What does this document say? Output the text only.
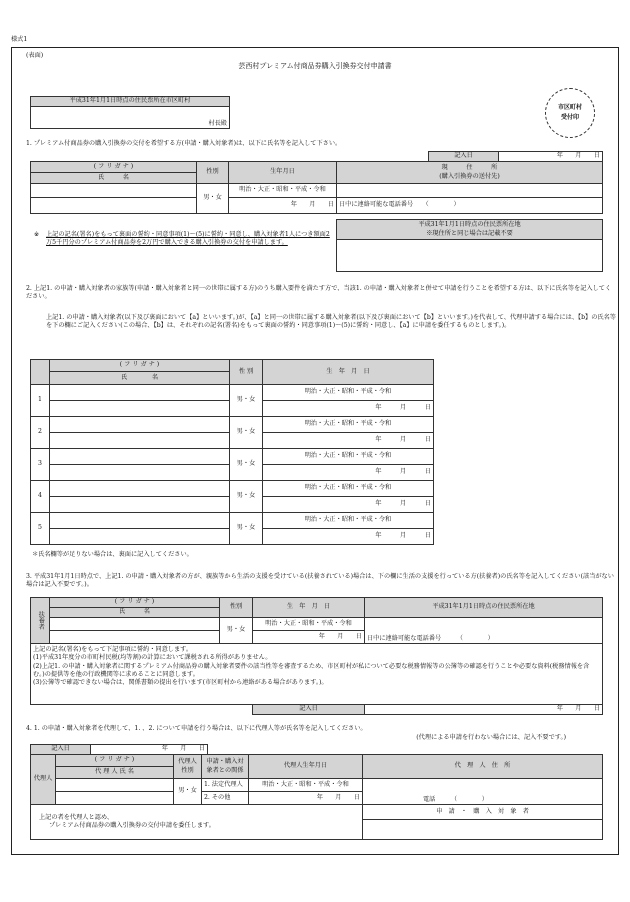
様式1
(表面)
芸西村プレミアム付商品券購入引換券交付申請書
平成31年1月1日時点の住民票所在市区町村
村長殿
市区町村
受付印
1. プレミアム付商品券の購入引換券の交付を希望する方(申請・購入対象者)は、以下に氏名等を記入して下さい。
記入日	年　　月　　日
( フ リ ガ ナ )	性別	生年月日	現　　　住　　　所
(購入引換券の送付先)

氏　　　名			
	男・女	明治・大正・昭和・平成・令和	
		年　　月　　日	日中に連絡可能な電話番号　　（　　　　）
平成31年1月1日時点の住民票所在地
※現住所と同じ場合は記載不要

※ 上記の記名(署名)をもって裏面の誓約・同意事項(1)～(5)に誓約・同意し、購入対象者1人につき額面2万5千円分のプレミアム付商品券を2万円で購入できる購入引換券の交付を申請します。
2. 上記1. の申請・購入対象者の家族等(申請・購入対象者と同一の世帯に属する方)のうち購入要件を満たす方で、当該1. の申請・購入対象者と併せて申請を行うことを希望する方は、以下に氏名等を記入してください。
上記1. の申請・購入対象者(以下及び裏面において【a】といいます。)が、【a】と同一の世帯に属する購入対象者(以下及び裏面において【b】といいます。)を代表して、代理申請する場合には、【b】の氏名等を下の欄にご記入ください(この場合、【b】は、それぞれの記名(署名)をもって裏面の誓約・同意事項(1)～(5)に誓約・同意し、【a】に申請を委任するものとします。)。
	( フ リ ガ ナ )	性 別	生　年　月　日
氏　　　　名
1		男・女	明治・大正・昭和・平成・令和
			年　　　月　　　日
2		男・女	明治・大正・昭和・平成・令和
			年　　　月　　　日
3		男・女	明治・大正・昭和・平成・令和
			年　　　月　　　日
4		男・女	明治・大正・昭和・平成・令和
			年　　　月　　　日
5		男・女	明治・大正・昭和・平成・令和
			年　　　月　　　日
＊氏名欄等が足りない場合は、裏面に記入してください。
3. 平成31年1月1日時点で、上記1. の申請・購入対象者の方が、親族等から生活の支援を受けている(扶養されている)場合は、下の欄に生活の支援を行っている方(扶養者)の氏名等を記入してください(該当がない場合は記入不要です。)。
扶養者	( フ リ ガ ナ )	性別	生　年　月　日	平成31年1月1日時点の住民票所在地
	氏　　　名			
		男・女	明治・大正・昭和・平成・令和	日中に連絡可能な電話番号　　　（　　　　）
			年　　月　　日	

上記の記名(署名)をもって下記事項に誓約・同意します。
(1)平成31年度分の市町村民税(均等割)の計算において課税される所得がありません。
(2)上記1. の申請・購入対象者に関するプレミアム付商品券の購入対象者要件の該当性等を審査するため、市区町村が私について必要な税務情報等の公簿等の確認を行うことや必要な資料(税務情報を含む。)の提供等を他の行政機関等に求めることに同意します。
(3)公簿等で確認できない場合は、関係書類の提出を行います(市区町村から連絡がある場合があります。)。				

			記入日	年　　月　　日
4. 1. の申請・購入対象者を代理して、1. 、2. について申請を行う場合は、以下に代理人等が氏名等を記入してください。
(代理による申請を行わない場合には、記入不要です。)
記入日	年　　月　　日
代理人	( フ リ ガ ナ )	代理人性別	申請・購入対象者との関係	代理人生年月日	代　理　人　住　所
	代 理 人 氏 名				
		男・女	1. 法定代理人	明治・大正・昭和・平成・令和	電話　　　（　　　　）
			2. その他	年　　月　　日	

上記の者を代理人と認め、
プレミアム付商品券の購入引換券の交付申請を委任します。					申　請　・　購　入　対　象　者
